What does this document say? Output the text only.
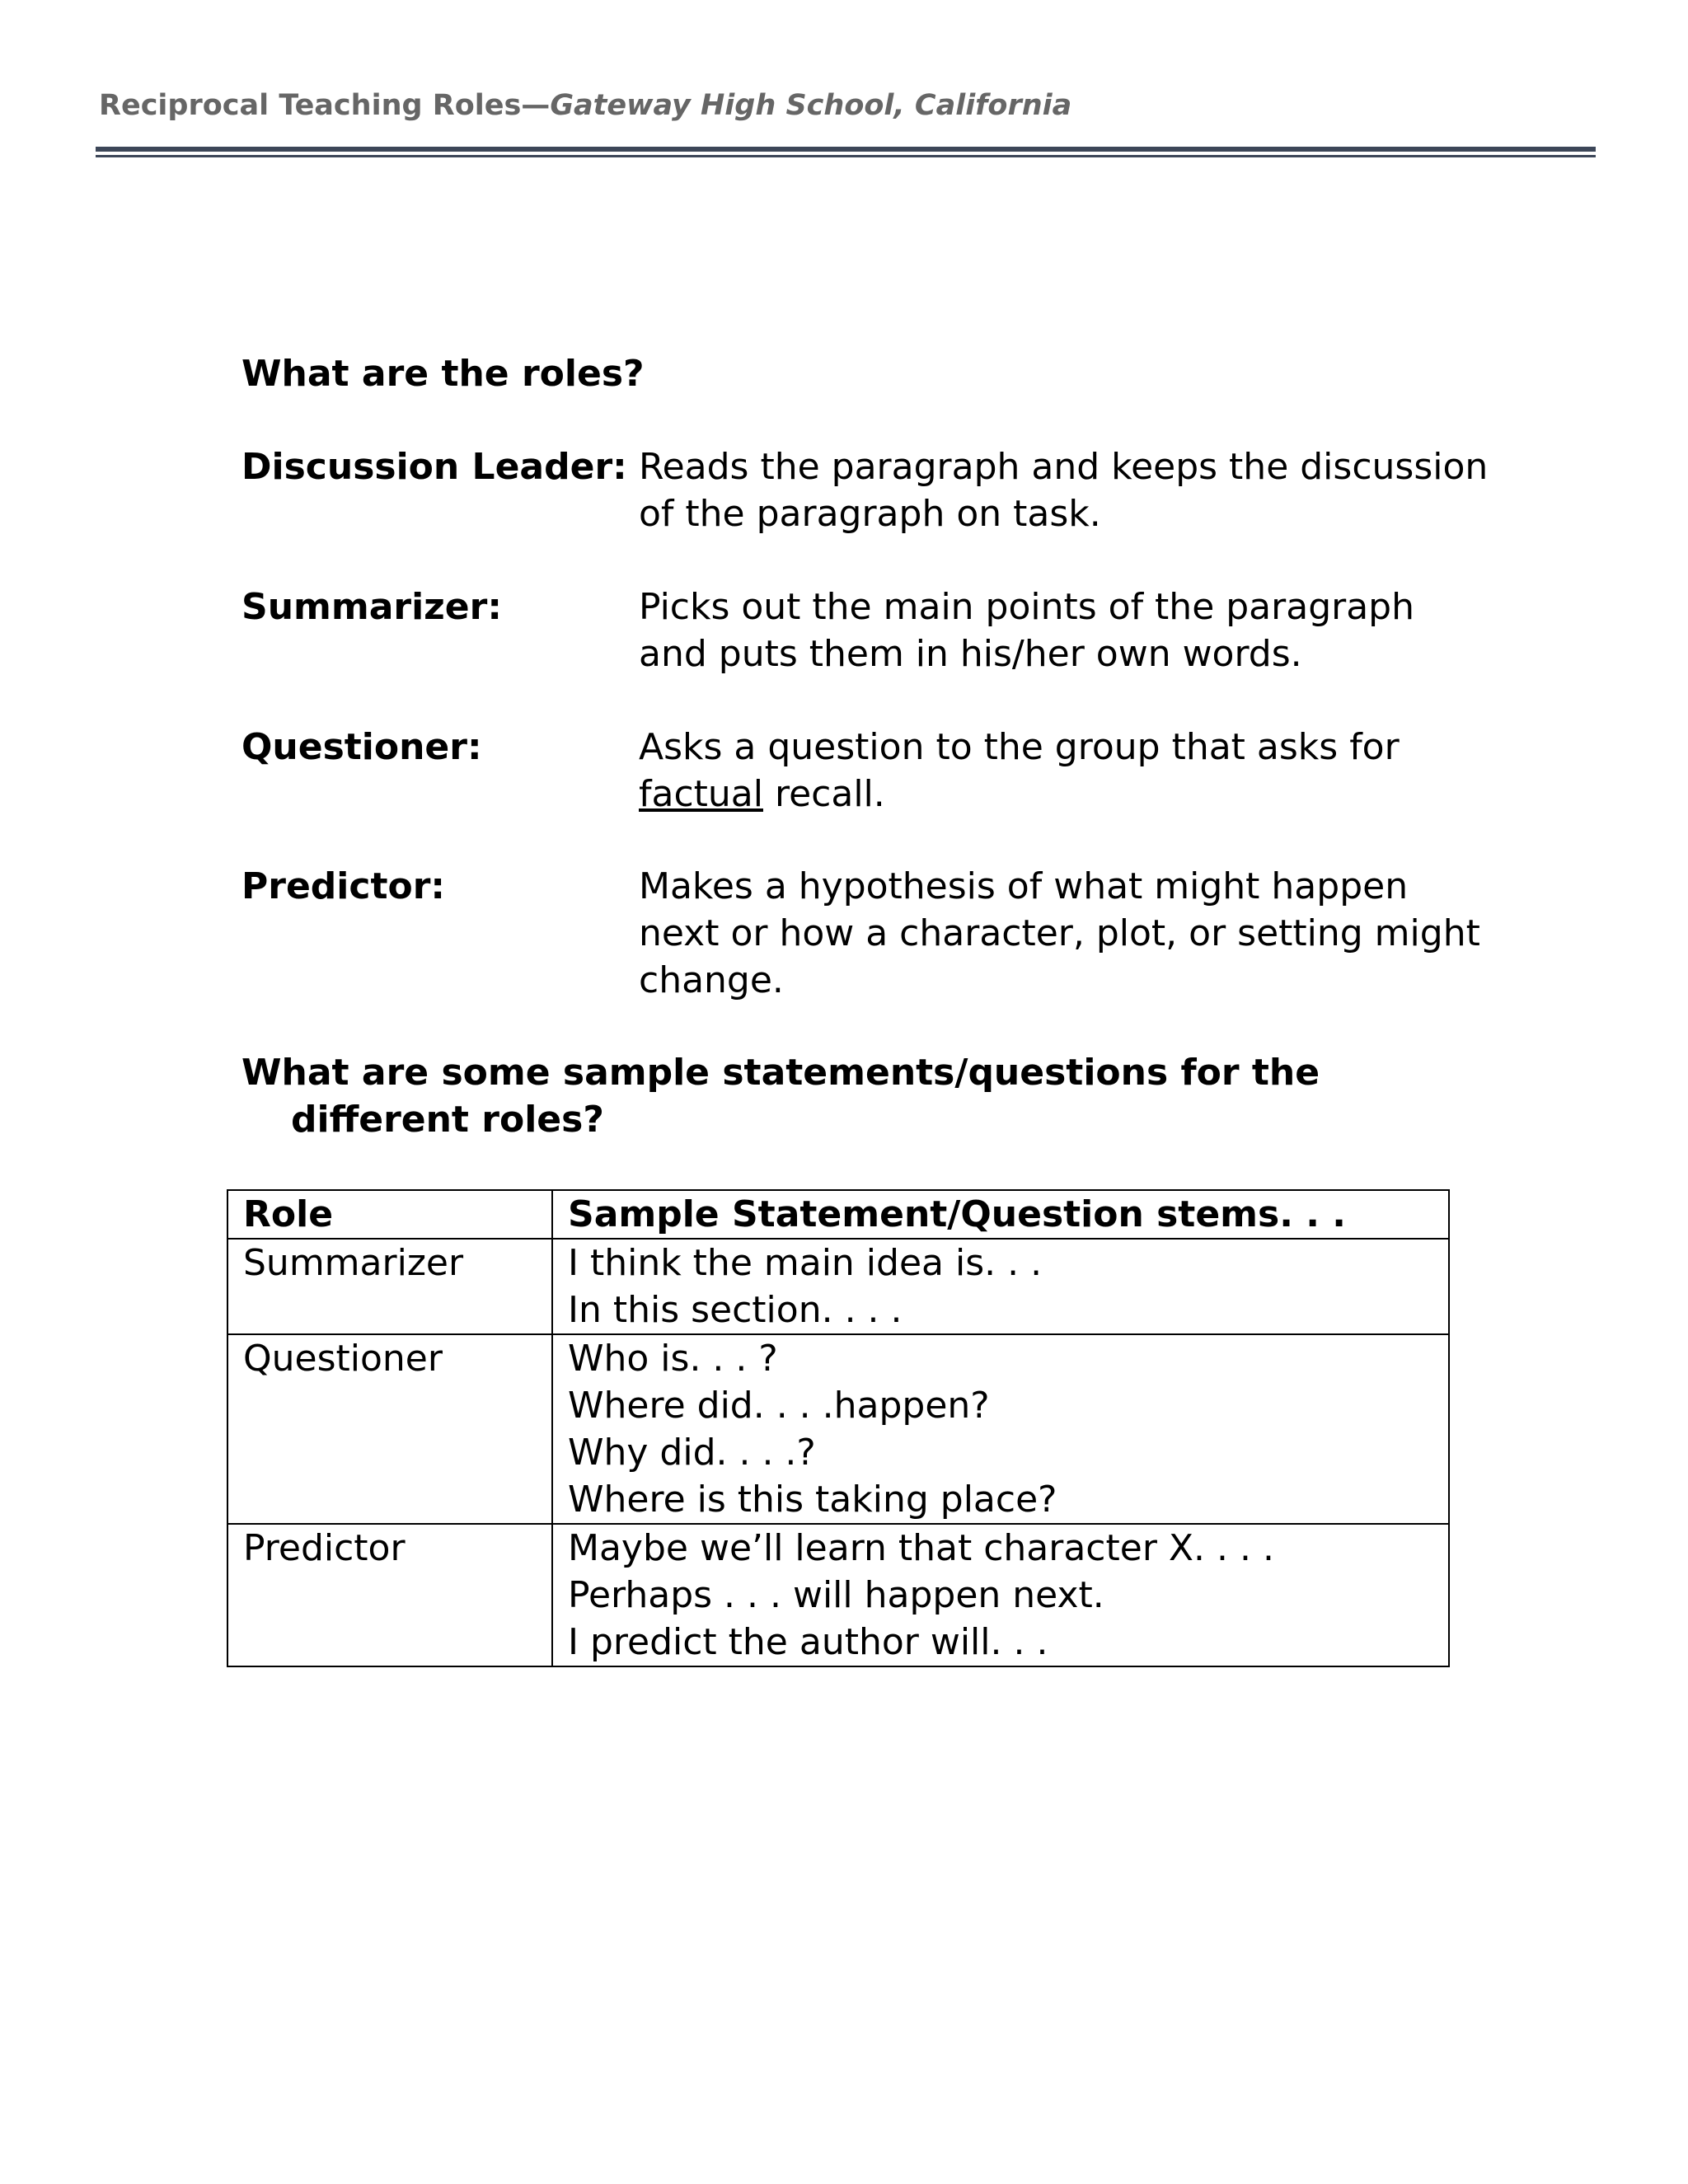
Reciprocal Teaching Roles—Gateway High School, California
What are the roles?
Discussion Leader: Reads the paragraph and keeps the discussion
of the paragraph on task.
Summarizer:	Picks out the main points of the paragraph
and puts them in his/her own words.
Questioner:	Asks a question to the group that asks for
factual recall.
Predictor:	Makes a hypothesis of what might happen
next or how a character, plot, or setting might
change.
What are some sample statements/questions for the
different roles?
Role	Sample Statement/Question stems. . .
Summarizer	I think the main idea is. . .
In this section. . . .

Questioner	Who is. . . ?
Where did. . . .happen?
Why did. . . .?
Where is this taking place?

Predictor	Maybe we’ll learn that character X. . . .
Perhaps . . . will happen next.
I predict the author will. . .
